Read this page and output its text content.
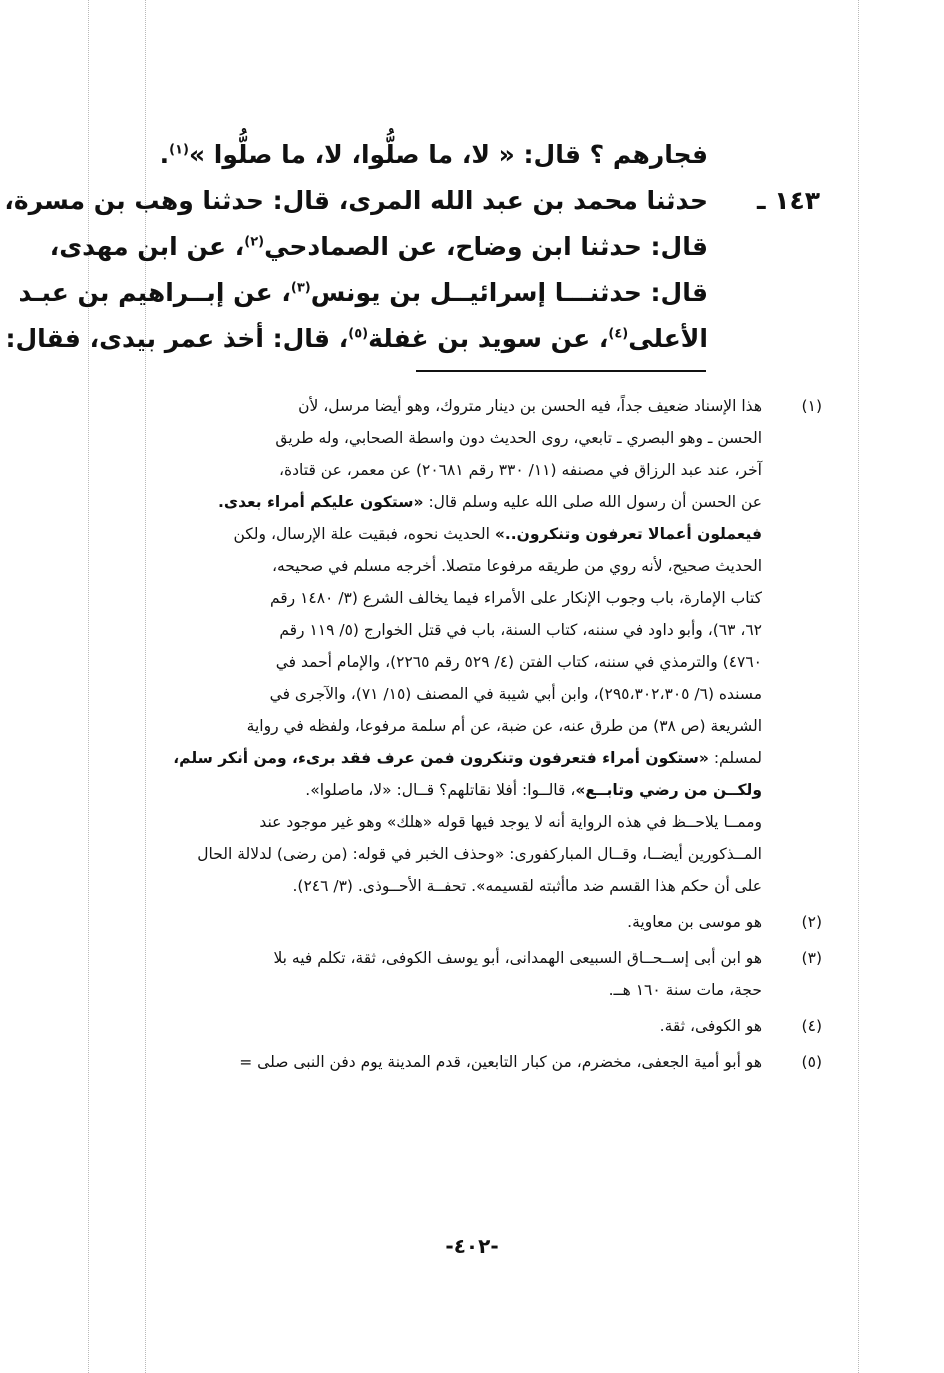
فجارهم ؟ قال: « لا، ما صلُّوا، لا، ما صلُّوا »$^{(١)}$.
١٤٣ ـحدثنا محمد بن عبد الله المرى، قال: حدثنا وهب بن مسرة،
قال: حدثنا ابن وضاح، عن الصمادحي$^{(٢)}$، عن ابن مهدى،
قال: حدثنـــا إسرائيــل بن يونس$^{(٣)}$، عن إبــراهيم بن عبـد
الأعلى$^{(٤)}$، عن سويد بن غفلة$^{(٥)}$، قال: أخذ عمر بيدى، فقال:
(١)هذا الإسناد ضعيف جداً، فيه الحسن بن دينار متروك، وهو أيضا مرسل، لأن
الحسن ـ وهو البصري ـ تابعي، روى الحديث دون واسطة الصحابي، وله طريق
آخر، عند عبد الرزاق في مصنفه (١١/ ٣٣٠ رقم ٢٠٦٨١) عن معمر، عن قتادة،
عن الحسن أن رسول الله صلى الله عليه وسلم قال: «ستكون عليكم أمراء بعدى.
فيعملون أعمالا تعرفون وتنكرون..» الحديث نحوه، فبقيت علة الإرسال، ولكن
الحديث صحيح، لأنه روي من طريقه مرفوعا متصلا. أخرجه مسلم في صحيحه،
كتاب الإمارة، باب وجوب الإنكار على الأمراء فيما يخالف الشرع (٣/ ١٤٨٠ رقم
٦٢، ٦٣)، وأبو داود في سننه، كتاب السنة، باب في قتل الخوارج (٥/ ١١٩ رقم
٤٧٦٠) والترمذي في سننه، كتاب الفتن (٤/ ٥٢٩ رقم ٢٢٦٥)، والإمام أحمد في
مسنده (٦/ ٢٩٥،٣٠٢،٣٠٥)، وابن أبي شيبة في المصنف (١٥/ ٧١)، والآجرى في
الشريعة (ص ٣٨) من طرق عنه، عن ضبة، عن أم سلمة مرفوعا، ولفظه في رواية
لمسلم: «ستكون أمراء فتعرفون وتنكرون فمن عرف فقد برىء، ومن أنكر سلم،
ولكــن من رضي وتابــع»، قالــوا: أفلا نقاتلهم؟ قــال: «لا، ماصلوا».
وممــا يلاحــظ في هذه الرواية أنه لا يوجد فيها قوله «هلك» وهو غير موجود عند
المــذكورين أيضــا، وقــال المباركفورى: «وحذف الخبر في قوله: (من رضى) لدلالة الحال
على أن حكم هذا القسم ضد ماأثبته لقسيمه». تحفــة الأحــوذى. (٣/ ٢٤٦).
(٢)هو موسى بن معاوية.
(٣)هو ابن أبى إســحــاق السبيعى الهمدانى، أبو يوسف الكوفى، ثقة، تكلم فيه بلا
حجة، مات سنة ١٦٠ هــ.
(٤)هو الكوفى، ثقة.
(٥)هو أبو أمية الجعفى، مخضرم، من كبار التابعين، قدم المدينة يوم دفن النبى صلى =
-٤٠٢-
